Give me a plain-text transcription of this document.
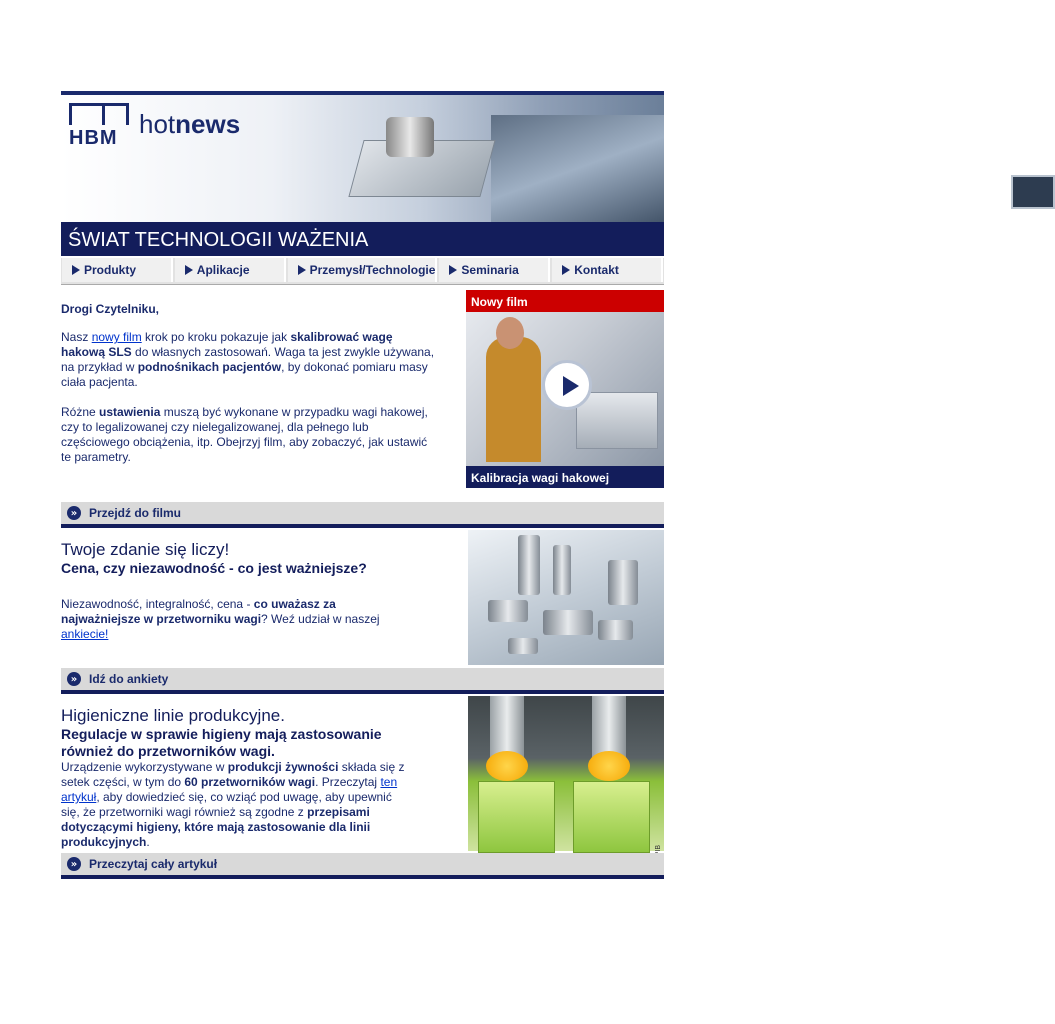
HBM hotnews
ŚWIAT TECHNOLOGII WAŻENIA
Produkty	Aplikacje	Przemysł/Technologie Seminaria	Kontakt
Drogi Czytelniku,

Nasz nowy film krok po kroku pokazuje jak skalibrować wagę hakową SLS do własnych zastosowań. Waga ta jest zwykle używana, na przykład w podnośnikach pacjentów, by dokonać pomiaru masy ciała pacjenta.

Różne ustawienia muszą być wykonane w przypadku wagi hakowej, czy to legalizowanej czy nielegalizowanej, dla pełnego lub częściowego obciążenia, itp. Obejrzyj film, aby zobaczyć, jak ustawić te parametry.

Nowy film
Kalibracja wagi hakowej
» Przejdź do filmu
Twoje zdanie się liczy!
Cena, czy niezawodność - co jest ważniejsze?

Niezawodność, integralność, cena - co uważasz za najważniejsze w przetworniku wagi? Weź udział w naszej ankiecie!

» Idź do ankiety
Higieniczne linie produkcyjne.
Regulacje w sprawie higieny mają zastosowanie również do przetworników wagi.

Urządzenie wykorzystywane w produkcji żywności składa się z setek części, w tym do 60 przetworników wagi. Przeczytaj ten artykuł, aby dowiedzieć się, co wziąć pod uwagę, aby upewnić się, że przetworniki wagi również są zgodne z przepisami dotyczącymi higieny, które mają zastosowanie dla linii produkcyjnych.

» Przeczytaj cały artykuł
